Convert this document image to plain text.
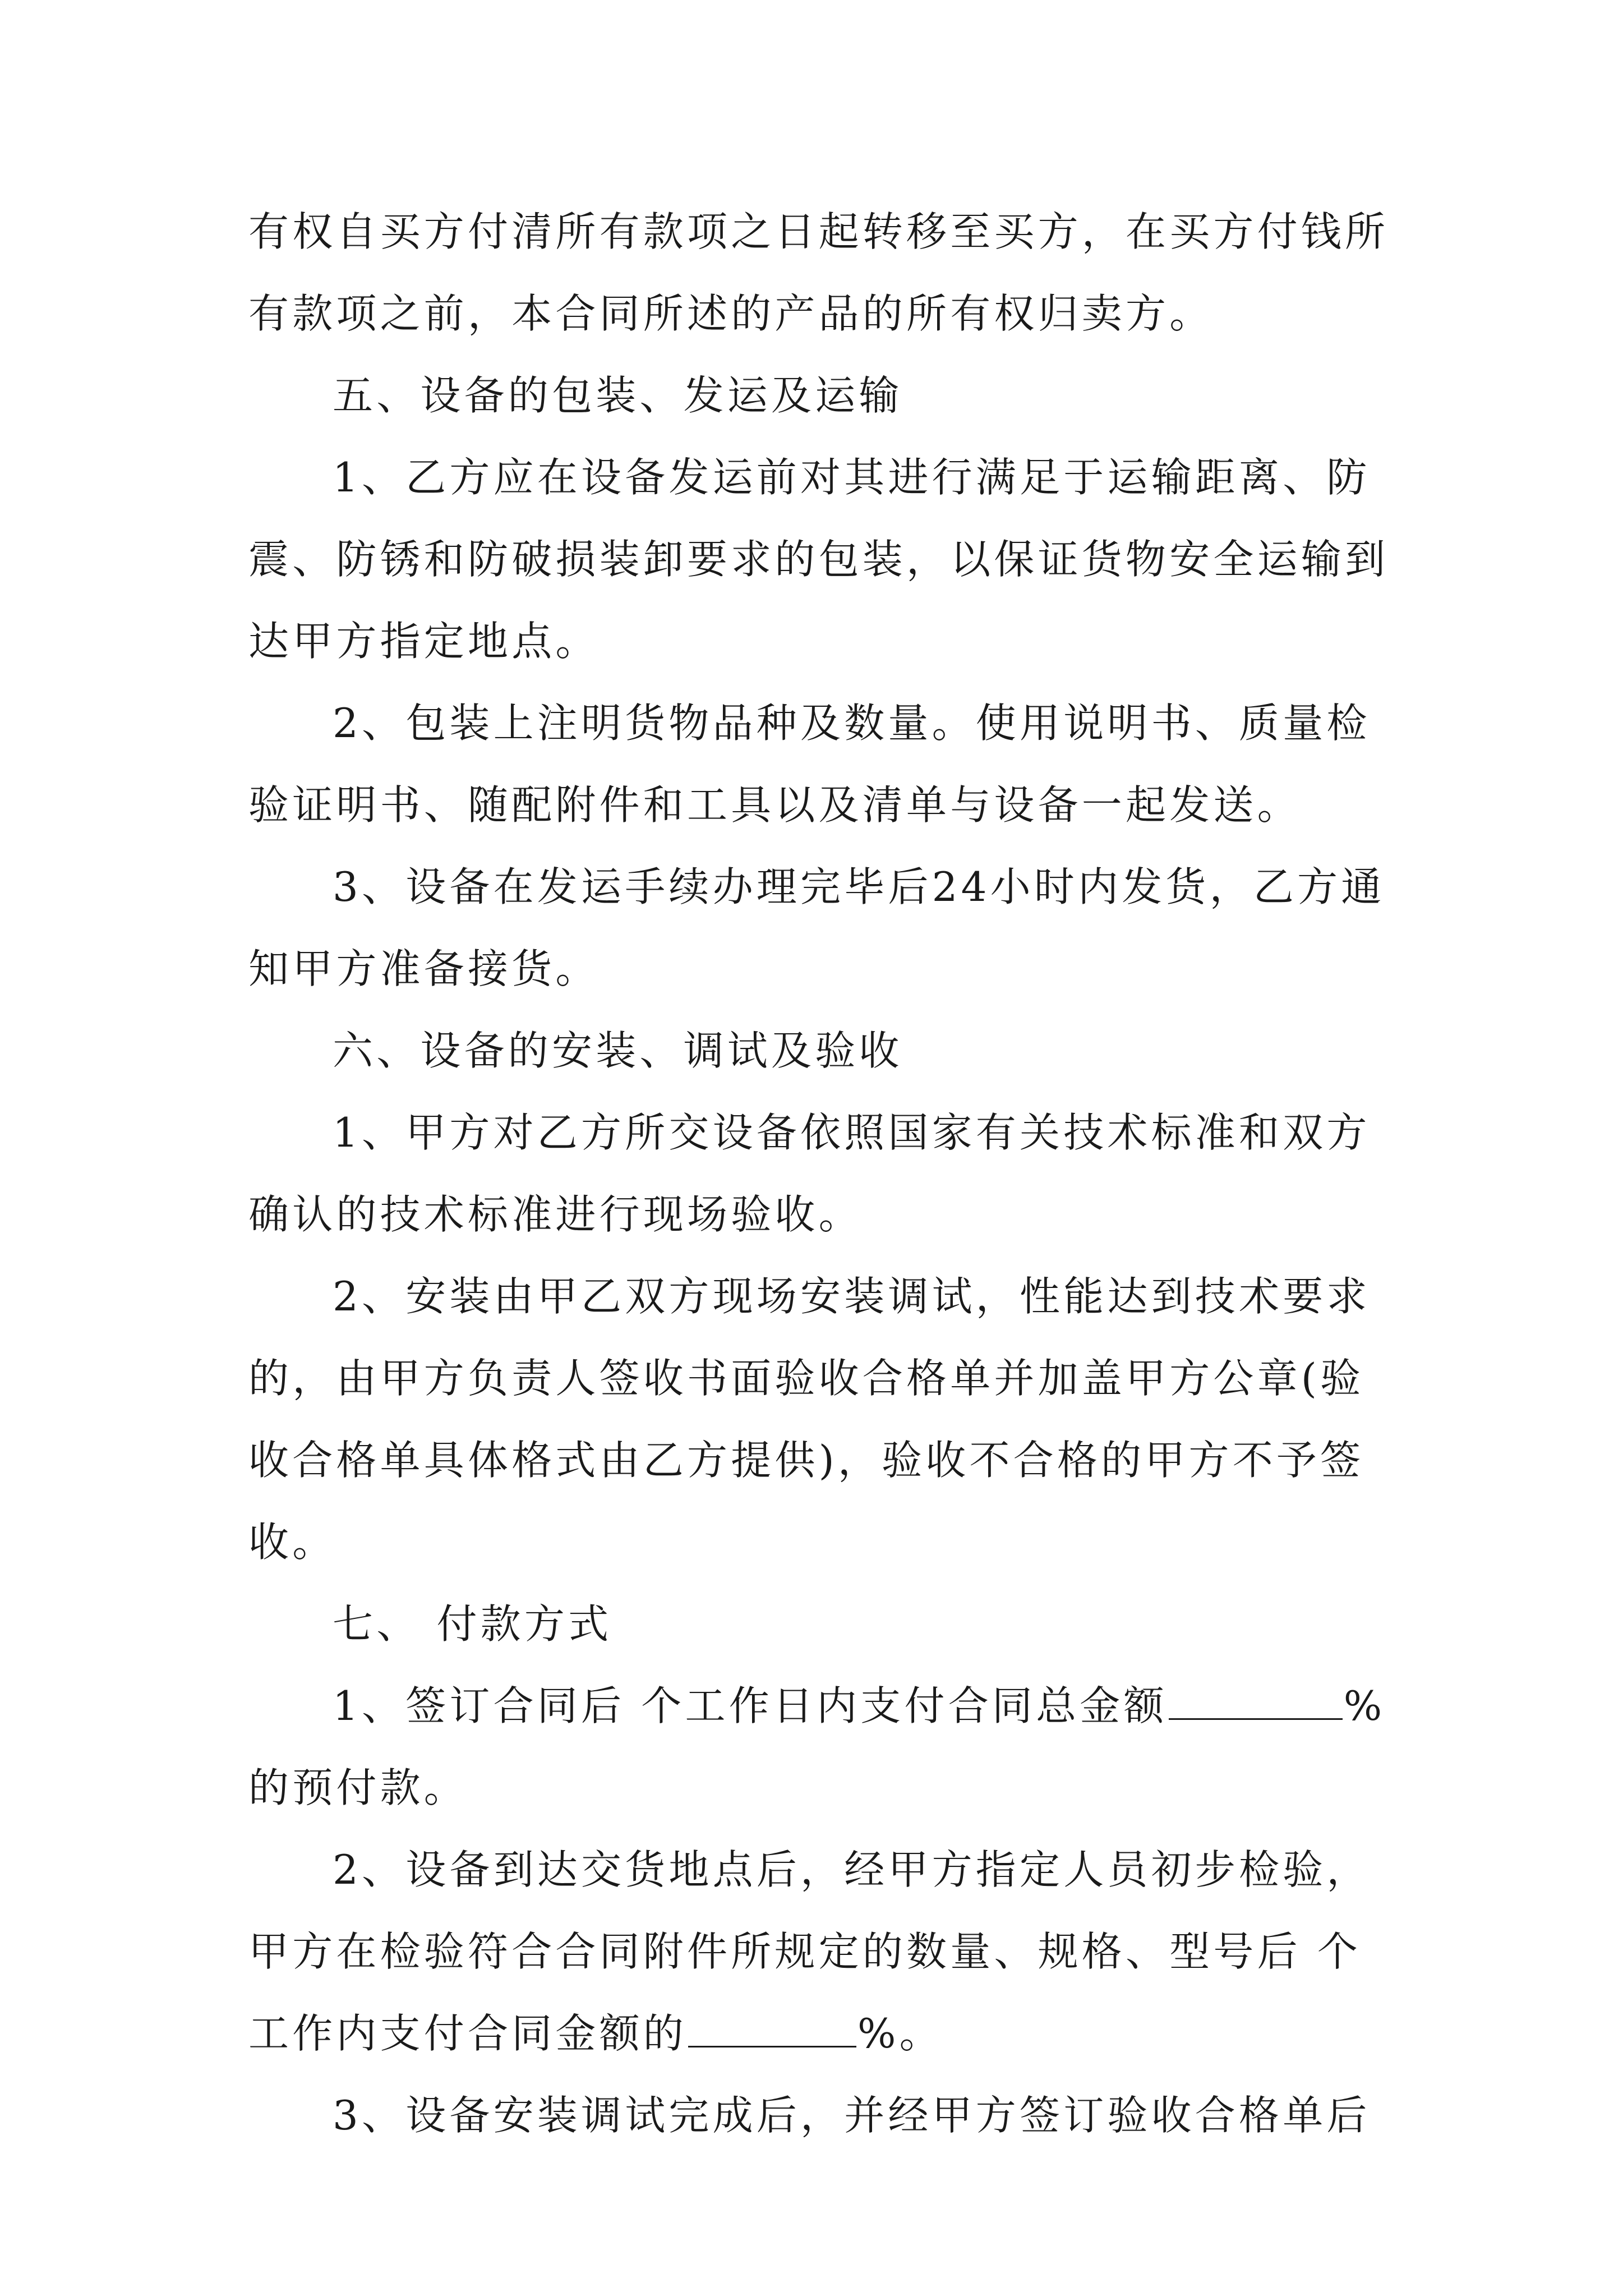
有权自买方付清所有款项之日起转移至买方，在买方付钱所
有款项之前，本合同所述的产品的所有权归卖方。
五、设备的包装、发运及运输
1、乙方应在设备发运前对其进行满足于运输距离、防
震、防锈和防破损装卸要求的包装，以保证货物安全运输到
达甲方指定地点。
2、包装上注明货物品种及数量。使用说明书、质量检
验证明书、随配附件和工具以及清单与设备一起发送。
3、设备在发运手续办理完毕后24小时内发货，乙方通
知甲方准备接货。
六、设备的安装、调试及验收
1、甲方对乙方所交设备依照国家有关技术标准和双方
确认的技术标准进行现场验收。
2、安装由甲乙双方现场安装调试，性能达到技术要求
的，由甲方负责人签收书面验收合格单并加盖甲方公章(验
收合格单具体格式由乙方提供)，验收不合格的甲方不予签
收。
七、 付款方式
1、签订合同后 个工作日内支付合同总金额	%
的预付款。
2、设备到达交货地点后，经甲方指定人员初步检验，
甲方在检验符合合同附件所规定的数量、规格、型号后 个
工作内支付合同金额的	%。
3、设备安装调试完成后，并经甲方签订验收合格单后
